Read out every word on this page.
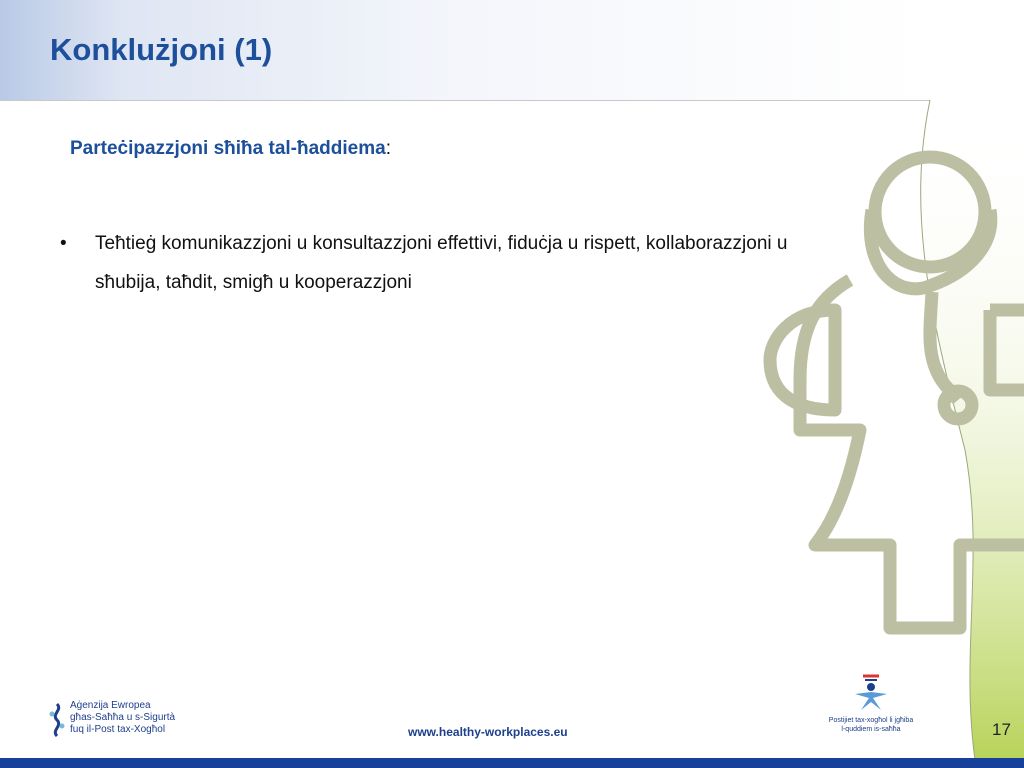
Konklużjoni (1)
Parteċipazzjoni sħiħa tal-ħaddiema:
•	Teħtieġ komunikazzjoni u konsultazzjoni effettivi, fiduċja u rispett, kollaborazzjoni u sħubija, taħdit, smigħ u kooperazzjoni
Aġenzija Ewropea
għas-Saħħa u s-Sigurtà
fuq il-Post tax-Xogħol	www.healthy-workplaces.eu
Postijiet tax-xogħol li jgħiba
l-quddiem is-saħħa	17
